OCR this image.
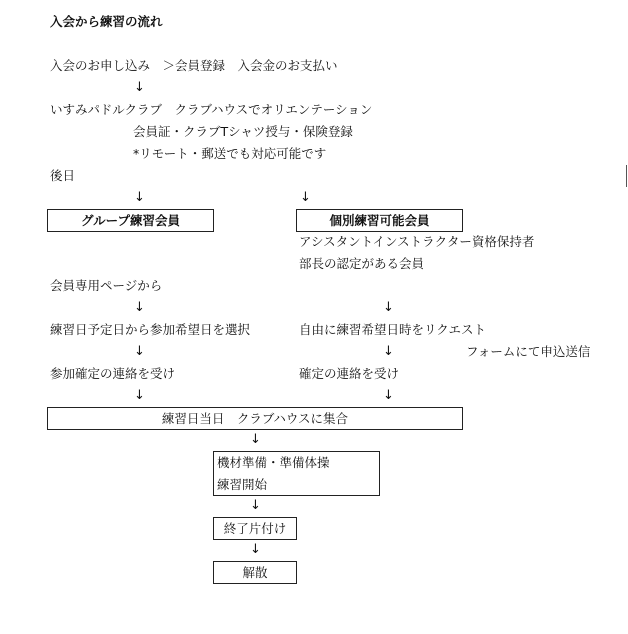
入会から練習の流れ
入会のお申し込み　＞会員登録　入会金のお支払い
↓
いすみパドルクラブ　クラブハウスでオリエンテーション
会員証・クラブTシャツ授与・保険登録
*リモート・郵送でも対応可能です
後日
↓	↓
グループ練習会員	個別練習可能会員
アシスタントインストラクター資格保持者
部長の認定がある会員
会員専用ページから
↓	↓
練習日予定日から参加希望日を選択	自由に練習希望日時をリクエスト
↓	↓	フォームにて申込送信
参加確定の連絡を受け	確定の連絡を受け
↓	↓
練習日当日　クラブハウスに集合
↓
機材準備・準備体操
練習開始
↓
終了片付け
↓
解散
